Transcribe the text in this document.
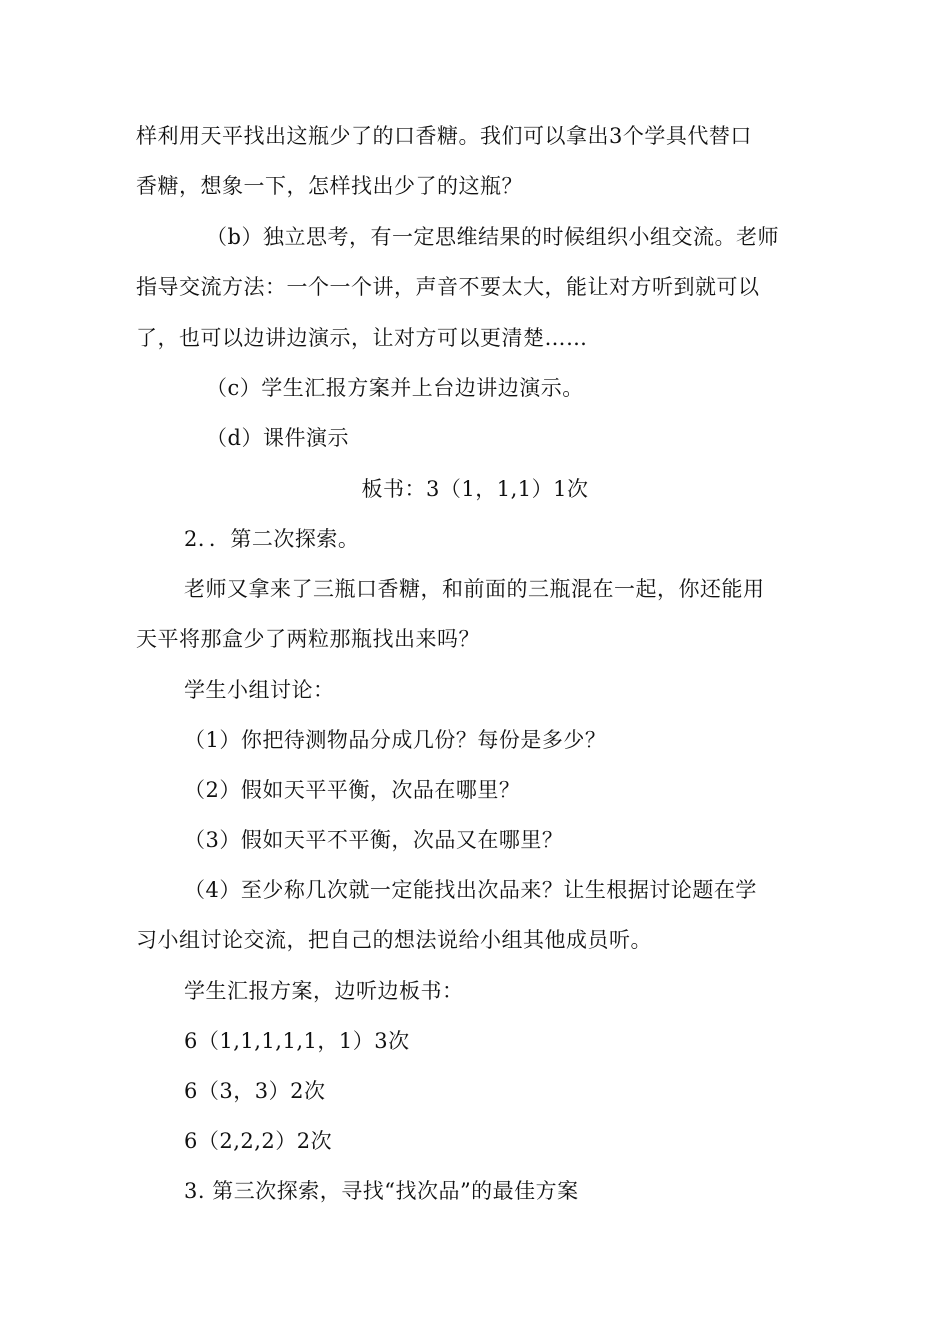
样利用天平找出这瓶少了的口香糖。我们可以拿出3个学具代替口
香糖，想象一下，怎样找出少了的这瓶？
（b）独立思考，有一定思维结果的时候组织小组交流。老师
指导交流方法：一个一个讲，声音不要太大，能让对方听到就可以
了，也可以边讲边演示，让对方可以更清楚……
（c）学生汇报方案并上台边讲边演示。
（d）课件演示
板书：3（1，1,1）1次
2．．第二次探索。
老师又拿来了三瓶口香糖，和前面的三瓶混在一起，你还能用
天平将那盒少了两粒那瓶找出来吗？
学生小组讨论：
（1）你把待测物品分成几份？每份是多少？
（2）假如天平平衡，次品在哪里？
（3）假如天平不平衡，次品又在哪里？
（4）至少称几次就一定能找出次品来？让生根据讨论题在学
习小组讨论交流，把自己的想法说给小组其他成员听。
学生汇报方案，边听边板书：
6（1,1,1,1,1，1）3次
6（3，3）2次
6（2,2,2）2次
3. 第三次探索，寻找“找次品”的最佳方案
